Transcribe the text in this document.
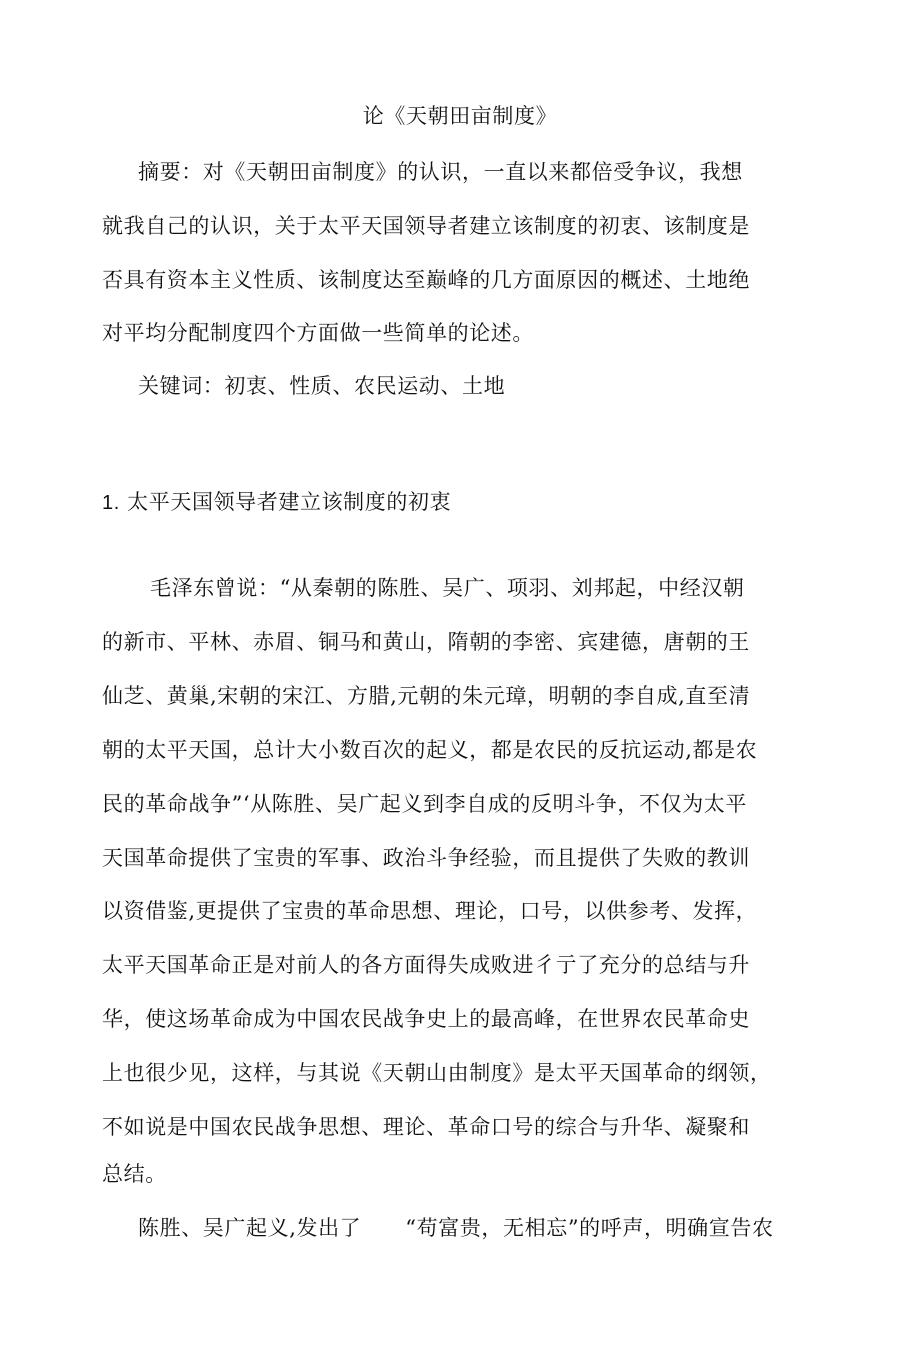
论《天朝田亩制度》
摘要：对《天朝田亩制度》的认识，一直以来都倍受争议，我想
就我自己的认识，关于太平天国领导者建立该制度的初衷、该制度是
否具有资本主义性质、该制度达至巅峰的几方面原因的概述、土地绝
对平均分配制度四个方面做一些简单的论述。
关键词：初衷、性质、农民运动、土地
1. 太平天国领导者建立该制度的初衷
毛泽东曾说：“从秦朝的陈胜、吴广、项羽、刘邦起，中经汉朝
的新市、平林、赤眉、铜马和黄山，隋朝的李密、宾建德，唐朝的王
仙芝、黄巢,宋朝的宋江、方腊,元朝的朱元璋，明朝的李自成,直至清
朝的太平天国，总计大小数百次的起义，都是农民的反抗运动,都是农
民的革命战争”‘从陈胜、吴广起义到李自成的反明斗争，不仅为太平
天国革命提供了宝贵的军事、政治斗争经验，而且提供了失败的教训
以资借鉴,更提供了宝贵的革命思想、理论，口号，以供参考、发挥，
太平天国革命正是对前人的各方面得失成败进彳亍了充分的总结与升
华，使这场革命成为中国农民战争史上的最高峰，在世界农民革命史
上也很少见，这样，与其说《天朝山由制度》是太平天国革命的纲领，
不如说是中国农民战争思想、理论、革命口号的综合与升华、凝聚和
总结。
陈胜、吴广起义,发出了 “苟富贵，无相忘”的呼声，明确宣告农
